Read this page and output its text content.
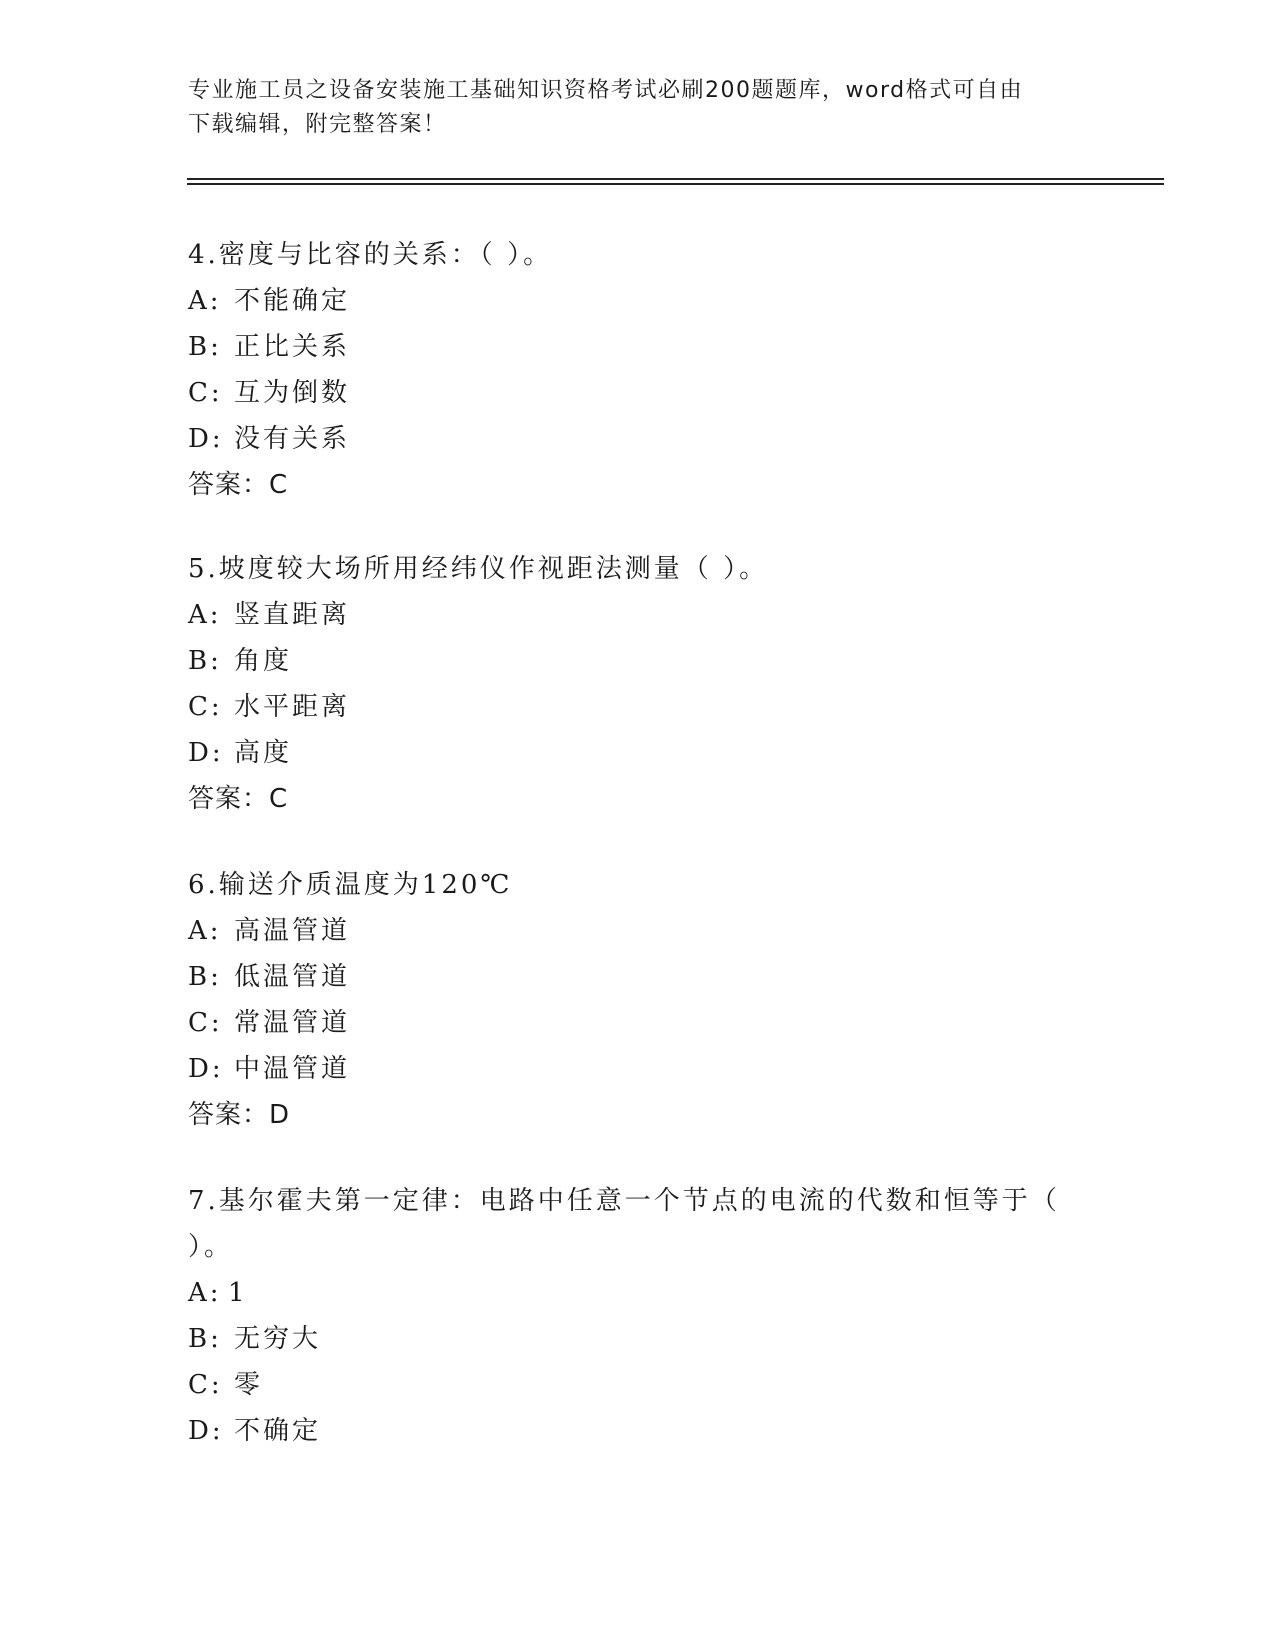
专业施工员之设备安装施工基础知识资格考试必刷200题题库，word格式可自由
下载编辑，附完整答案！

4.密度与比容的关系：（ ）。

A: 不能确定

B: 正比关系

C: 互为倒数

D: 没有关系

答案：C

5.坡度较大场所用经纬仪作视距法测量（ ）。

A: 竖直距离

B: 角度

C: 水平距离

D: 高度

答案：C

6.输送介质温度为120℃

A: 高温管道

B: 低温管道

C: 常温管道

D: 中温管道

答案：D

7.基尔霍夫第一定律：电路中任意一个节点的电流的代数和恒等于（

）。

A: 1

B: 无穷大

C: 零

D: 不确定
